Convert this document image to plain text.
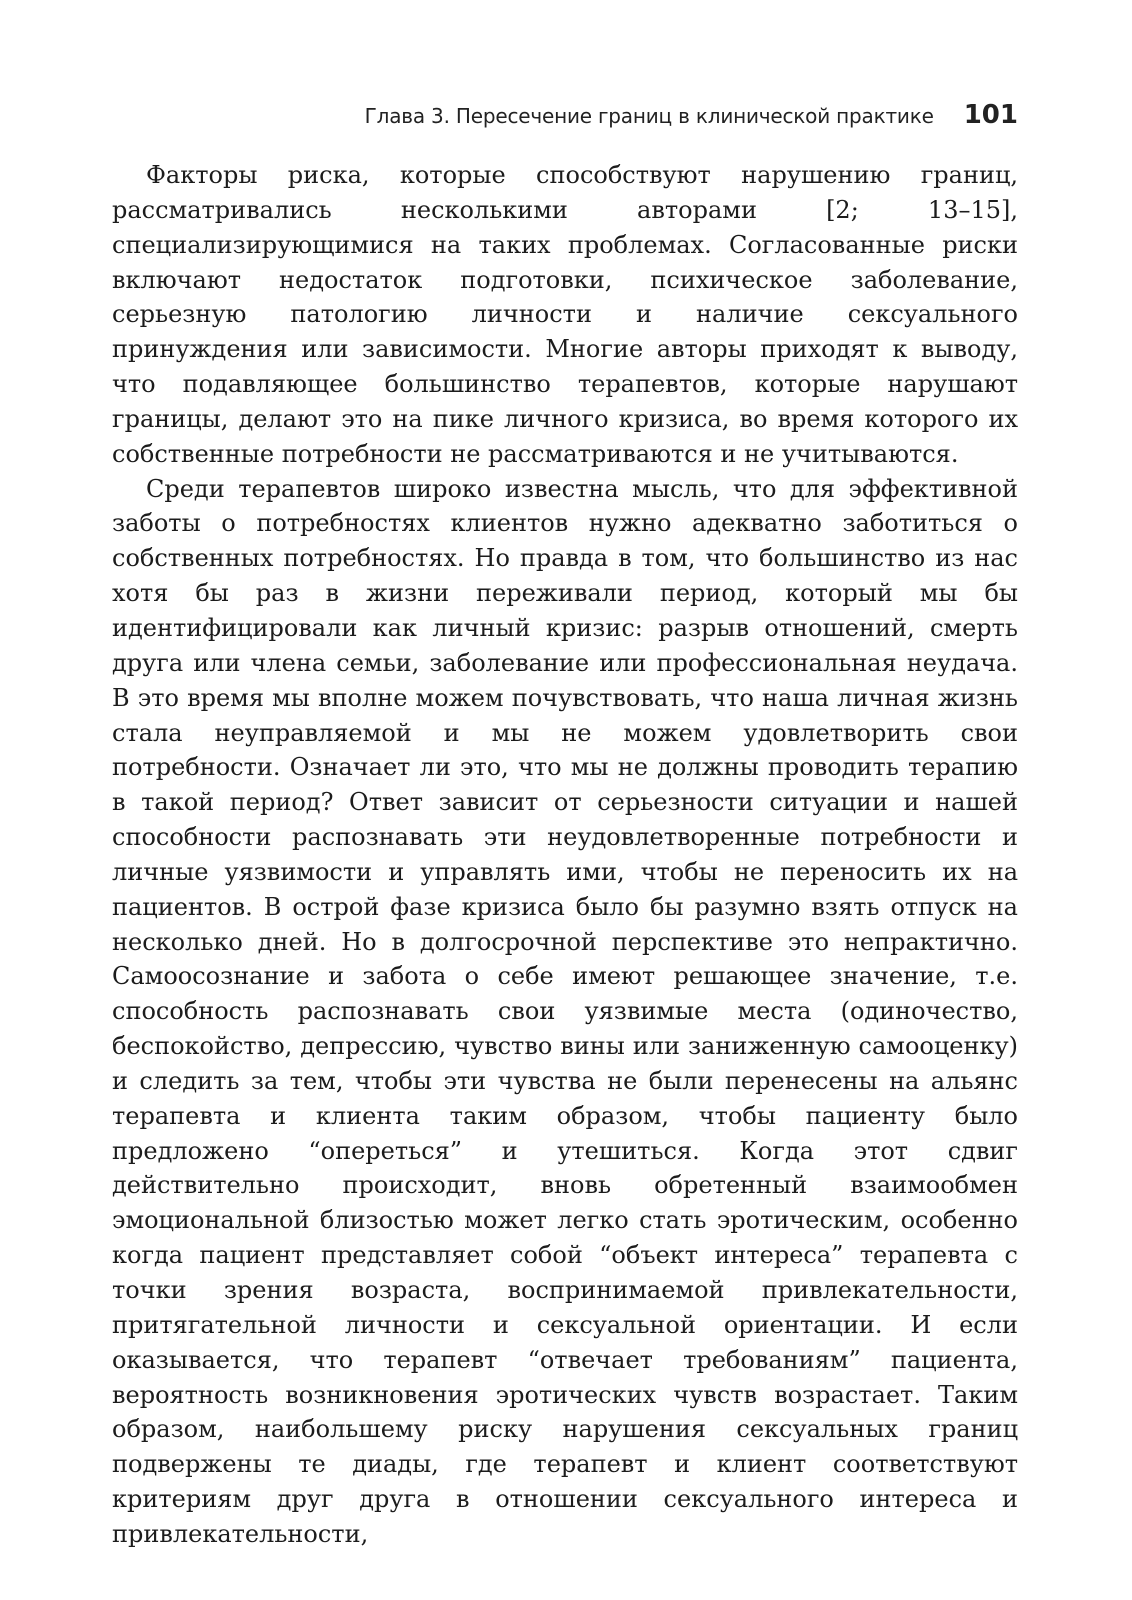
Глава 3. Пересечение границ в клинической практике 101

Факторы риска, которые способствуют нарушению границ, рассматривались несколькими авторами [2; 13–15], специализирующимися на таких проблемах. Согласованные риски включают недостаток подготовки, психическое заболевание, серьезную патологию личности и наличие сексуального принуждения или зависимости. Многие авторы приходят к выводу, что подавляющее большинство терапевтов, которые нарушают границы, делают это на пике личного кризиса, во время которого их собственные потребности не рассматриваются и не учитываются.

Среди терапевтов широко известна мысль, что для эффективной заботы о потребностях клиентов нужно адекватно заботиться о собственных потребностях. Но правда в том, что большинство из нас хотя бы раз в жизни переживали период, который мы бы идентифицировали как личный кризис: разрыв отношений, смерть друга или члена семьи, заболевание или профессиональная неудача. В это время мы вполне можем почувствовать, что наша личная жизнь стала неуправляемой и мы не можем удовлетворить свои потребности. Означает ли это, что мы не должны проводить терапию в такой период? Ответ зависит от серьезности ситуации и нашей способности распознавать эти неудовлетворенные потребности и личные уязвимости и управлять ими, чтобы не переносить их на пациентов. В острой фазе кризиса было бы разумно взять отпуск на несколько дней. Но в долгосрочной перспективе это непрактично. Самоосознание и забота о себе имеют решающее значение, т.е. способность распознавать свои уязвимые места (одиночество, беспокойство, депрессию, чувство вины или заниженную самооценку) и следить за тем, чтобы эти чувства не были перенесены на альянс терапевта и клиента таким образом, чтобы пациенту было предложено “опереться” и утешиться. Когда этот сдвиг действительно происходит, вновь обретенный взаимообмен эмоциональной близостью может легко стать эротическим, особенно когда пациент представляет собой “объект интереса” терапевта с точки зрения возраста, воспринимаемой привлекательности, притягательной личности и сексуальной ориентации. И если оказывается, что терапевт “отвечает требованиям” пациента, вероятность возникновения эротических чувств возрастает. Таким образом, наибольшему риску нарушения сексуальных границ подвержены те диады, где терапевт и клиент соответствуют критериям друг друга в отношении сексуального интереса и привлекательности,
